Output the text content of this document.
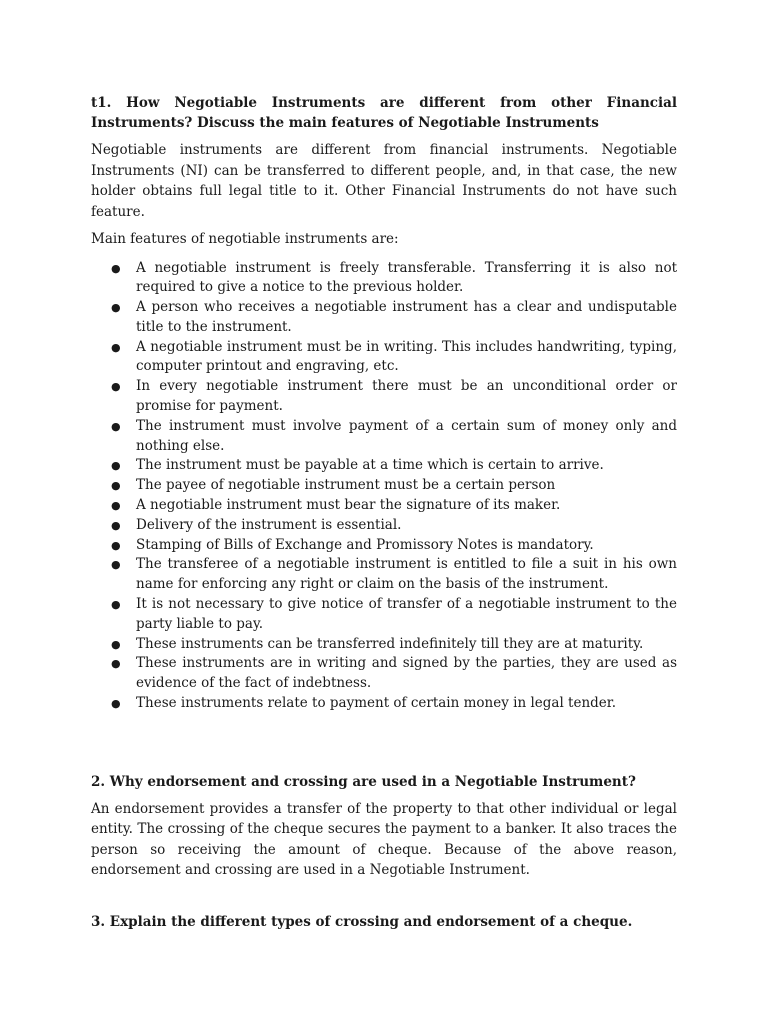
t1. How Negotiable Instruments are different from other Financial Instruments? Discuss the main features of Negotiable Instruments

Negotiable instruments are different from financial instruments. Negotiable Instruments (NI) can be transferred to different people, and, in that case, the new holder obtains full legal title to it. Other Financial Instruments do not have such feature.

Main features of negotiable instruments are:

● A negotiable instrument is freely transferable. Transferring it is also not required to give a notice to the previous holder.
● A person who receives a negotiable instrument has a clear and undisputable title to the instrument.
● A negotiable instrument must be in writing. This includes handwriting, typing, computer printout and engraving, etc.
● In every negotiable instrument there must be an unconditional order or promise for payment.
● The instrument must involve payment of a certain sum of money only and nothing else.
● The instrument must be payable at a time which is certain to arrive.
● The payee of negotiable instrument must be a certain person
● A negotiable instrument must bear the signature of its maker.
● Delivery of the instrument is essential.
● Stamping of Bills of Exchange and Promissory Notes is mandatory.
● The transferee of a negotiable instrument is entitled to file a suit in his own name for enforcing any right or claim on the basis of the instrument.
● It is not necessary to give notice of transfer of a negotiable instrument to the party liable to pay.
● These instruments can be transferred indefinitely till they are at maturity.
● These instruments are in writing and signed by the parties, they are used as evidence of the fact of indebtness.
● These instruments relate to payment of certain money in legal tender.
2. Why endorsement and crossing are used in a Negotiable Instrument?

An endorsement provides a transfer of the property to that other individual or legal entity. The crossing of the cheque secures the payment to a banker. It also traces the person so receiving the amount of cheque. Because of the above reason, endorsement and crossing are used in a Negotiable Instrument.

3. Explain the different types of crossing and endorsement of a cheque.
